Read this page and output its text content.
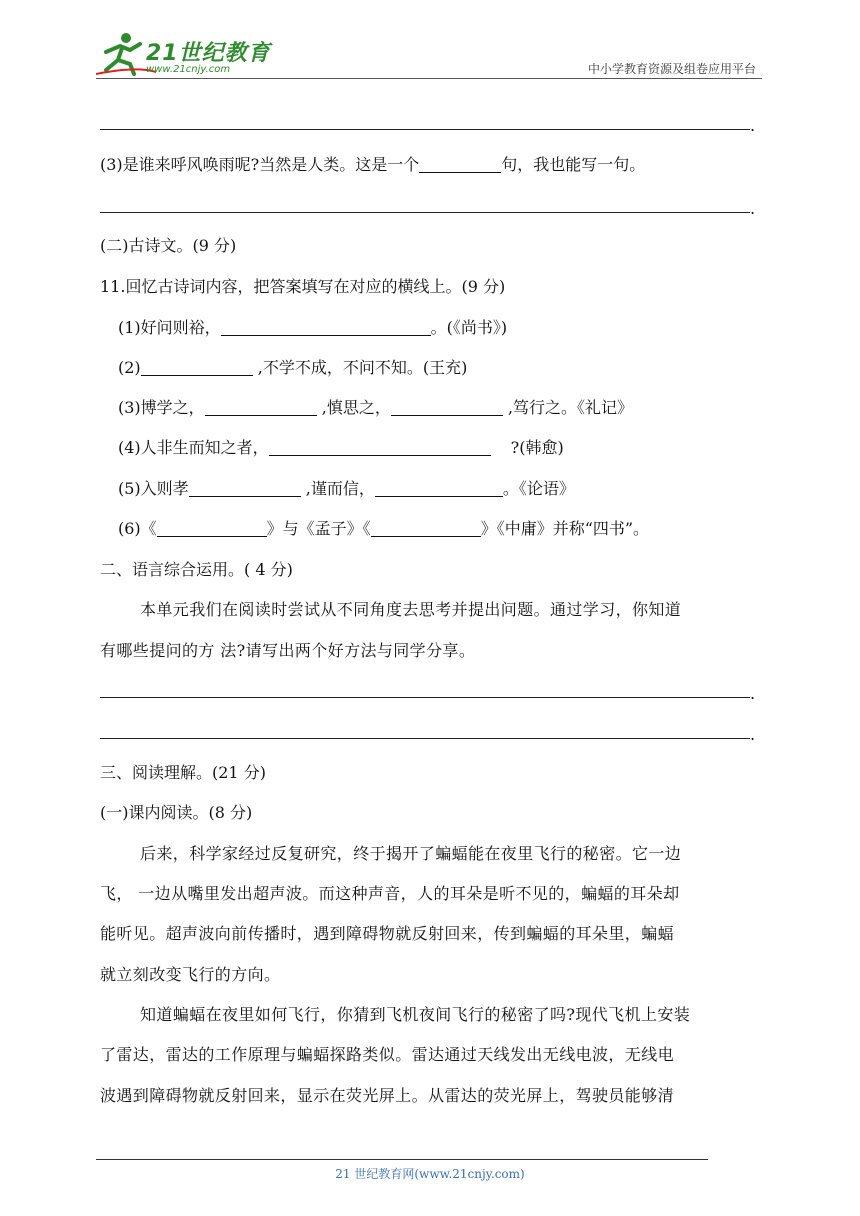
21世纪教育
www.21cnjy.com	中小学教育资源及组卷应用平台
.
(3)是谁来呼风唤雨呢?当然是人类。这是一个	句，我也能写一句。
.
(二)古诗文。(9 分)
11.回忆古诗词内容，把答案填写在对应的横线上。(9 分)
(1)好问则裕，	。(《尚书》)
(2)	,不学不成，不问不知。(王充)
(3)博学之，	,慎思之，	,笃行之。《礼记》
(4)人非生而知之者，	?(韩愈)
(5)入则孝	,谨而信，	。《论语》
(6)《	》与《孟子》《	》《中庸》并称“四书”。
二、语言综合运用。( 4 分)
本单元我们在阅读时尝试从不同角度去思考并提出问题。通过学习，你知道
有哪些提问的方 法?请写出两个好方法与同学分享。
.
.
三、阅读理解。(21 分)
(一)课内阅读。(8 分)
后来，科学家经过反复研究，终于揭开了蝙蝠能在夜里飞行的秘密。它一边
飞， 一边从嘴里发出超声波。而这种声音，人的耳朵是听不见的，蝙蝠的耳朵却
能听见。超声波向前传播时，遇到障碍物就反射回来，传到蝙蝠的耳朵里，蝙蝠
就立刻改变飞行的方向。
知道蝙蝠在夜里如何飞行，你猜到飞机夜间飞行的秘密了吗?现代飞机上安装
了雷达，雷达的工作原理与蝙蝠探路类似。雷达通过天线发出无线电波，无线电
波遇到障碍物就反射回来，显示在荧光屏上。从雷达的荧光屏上，驾驶员能够清
21 世纪教育网(www.21cnjy.com)
